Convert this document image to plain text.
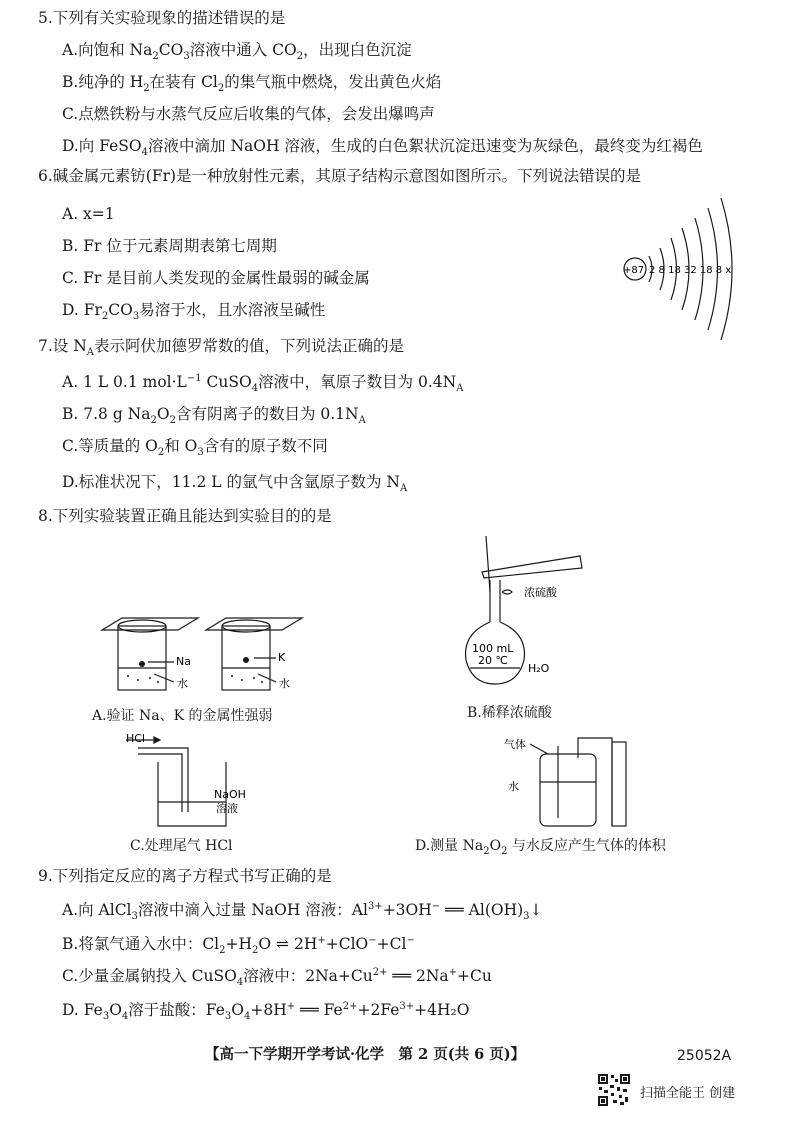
5.下列有关实验现象的描述错误的是
A.向饱和 $Na_2CO_3$溶液中通入 $CO_2$，出现白色沉淀
B.纯净的 $H_2$在装有 $Cl_2$的集气瓶中燃烧，发出黄色火焰
C.点燃铁粉与水蒸气反应后收集的气体，会发出爆鸣声
D.向 FeSO$_4$溶液中滴加 NaOH 溶液，生成的白色絮状沉淀迅速变为灰绿色，最终变为红褐色
6.碱金属元素钫(Fr)是一种放射性元素，其原子结构示意图如图所示。下列说法错误的是
A. x=1
B. Fr 位于元素周期表第七周期
C. Fr 是目前人类发现的金属性最弱的碱金属
D. $Fr_2CO_3$易溶于水，且水溶液呈碱性
+87 2 8 18 32 18 8 x
7.设 $N_A$表示阿伏加德罗常数的值，下列说法正确的是
A. 1 L 0.1 $mol\cdot L^{-1}$ CuSO$_4$溶液中，氧原子数目为 $0.4N_A$
B. 7.8 g $Na_2O_2$含有阴离子的数目为 $0.1N_A$
C.等质量的 $O_2$和 $O_3$含有的原子数不同
D.标准状况下，11.2 L 的氩气中含氩原子数为 $N_A$
8.下列实验装置正确且能达到实验目的的是
Na
水
K
水
A.验证 Na、K 的金属性强弱
浓硫酸
100 mL
20 ℃
H₂O
B.稀释浓硫酸
HCl
NaOH
溶液
C.处理尾气 HCl
气体
水
D.测量 $Na_2O_2$ 与水反应产生气体的体积
9.下列指定反应的离子方程式书写正确的是
A.向 AlCl$_3$溶液中滴入过量 NaOH 溶液：$Al^{3+}+3OH^-$ ══ $Al(OH)_3↓$
B.将氯气通入水中：$Cl_2+H_2O$ ⇌ 2H++ClO−+Cl−
C.少量金属钠投入 CuSO$_4$溶液中：$2Na+Cu^{2+}$ ══ 2Na++Cu
D. $Fe_3O_4$溶于盐酸：$Fe_3O_4+8H^+$ ══ $Fe^{2+}+2Fe^{3+}+4H_2O$
【高一下学期开学考试·化学　第 2 页(共 6 页)】	25052A
扫描全能王 创建
